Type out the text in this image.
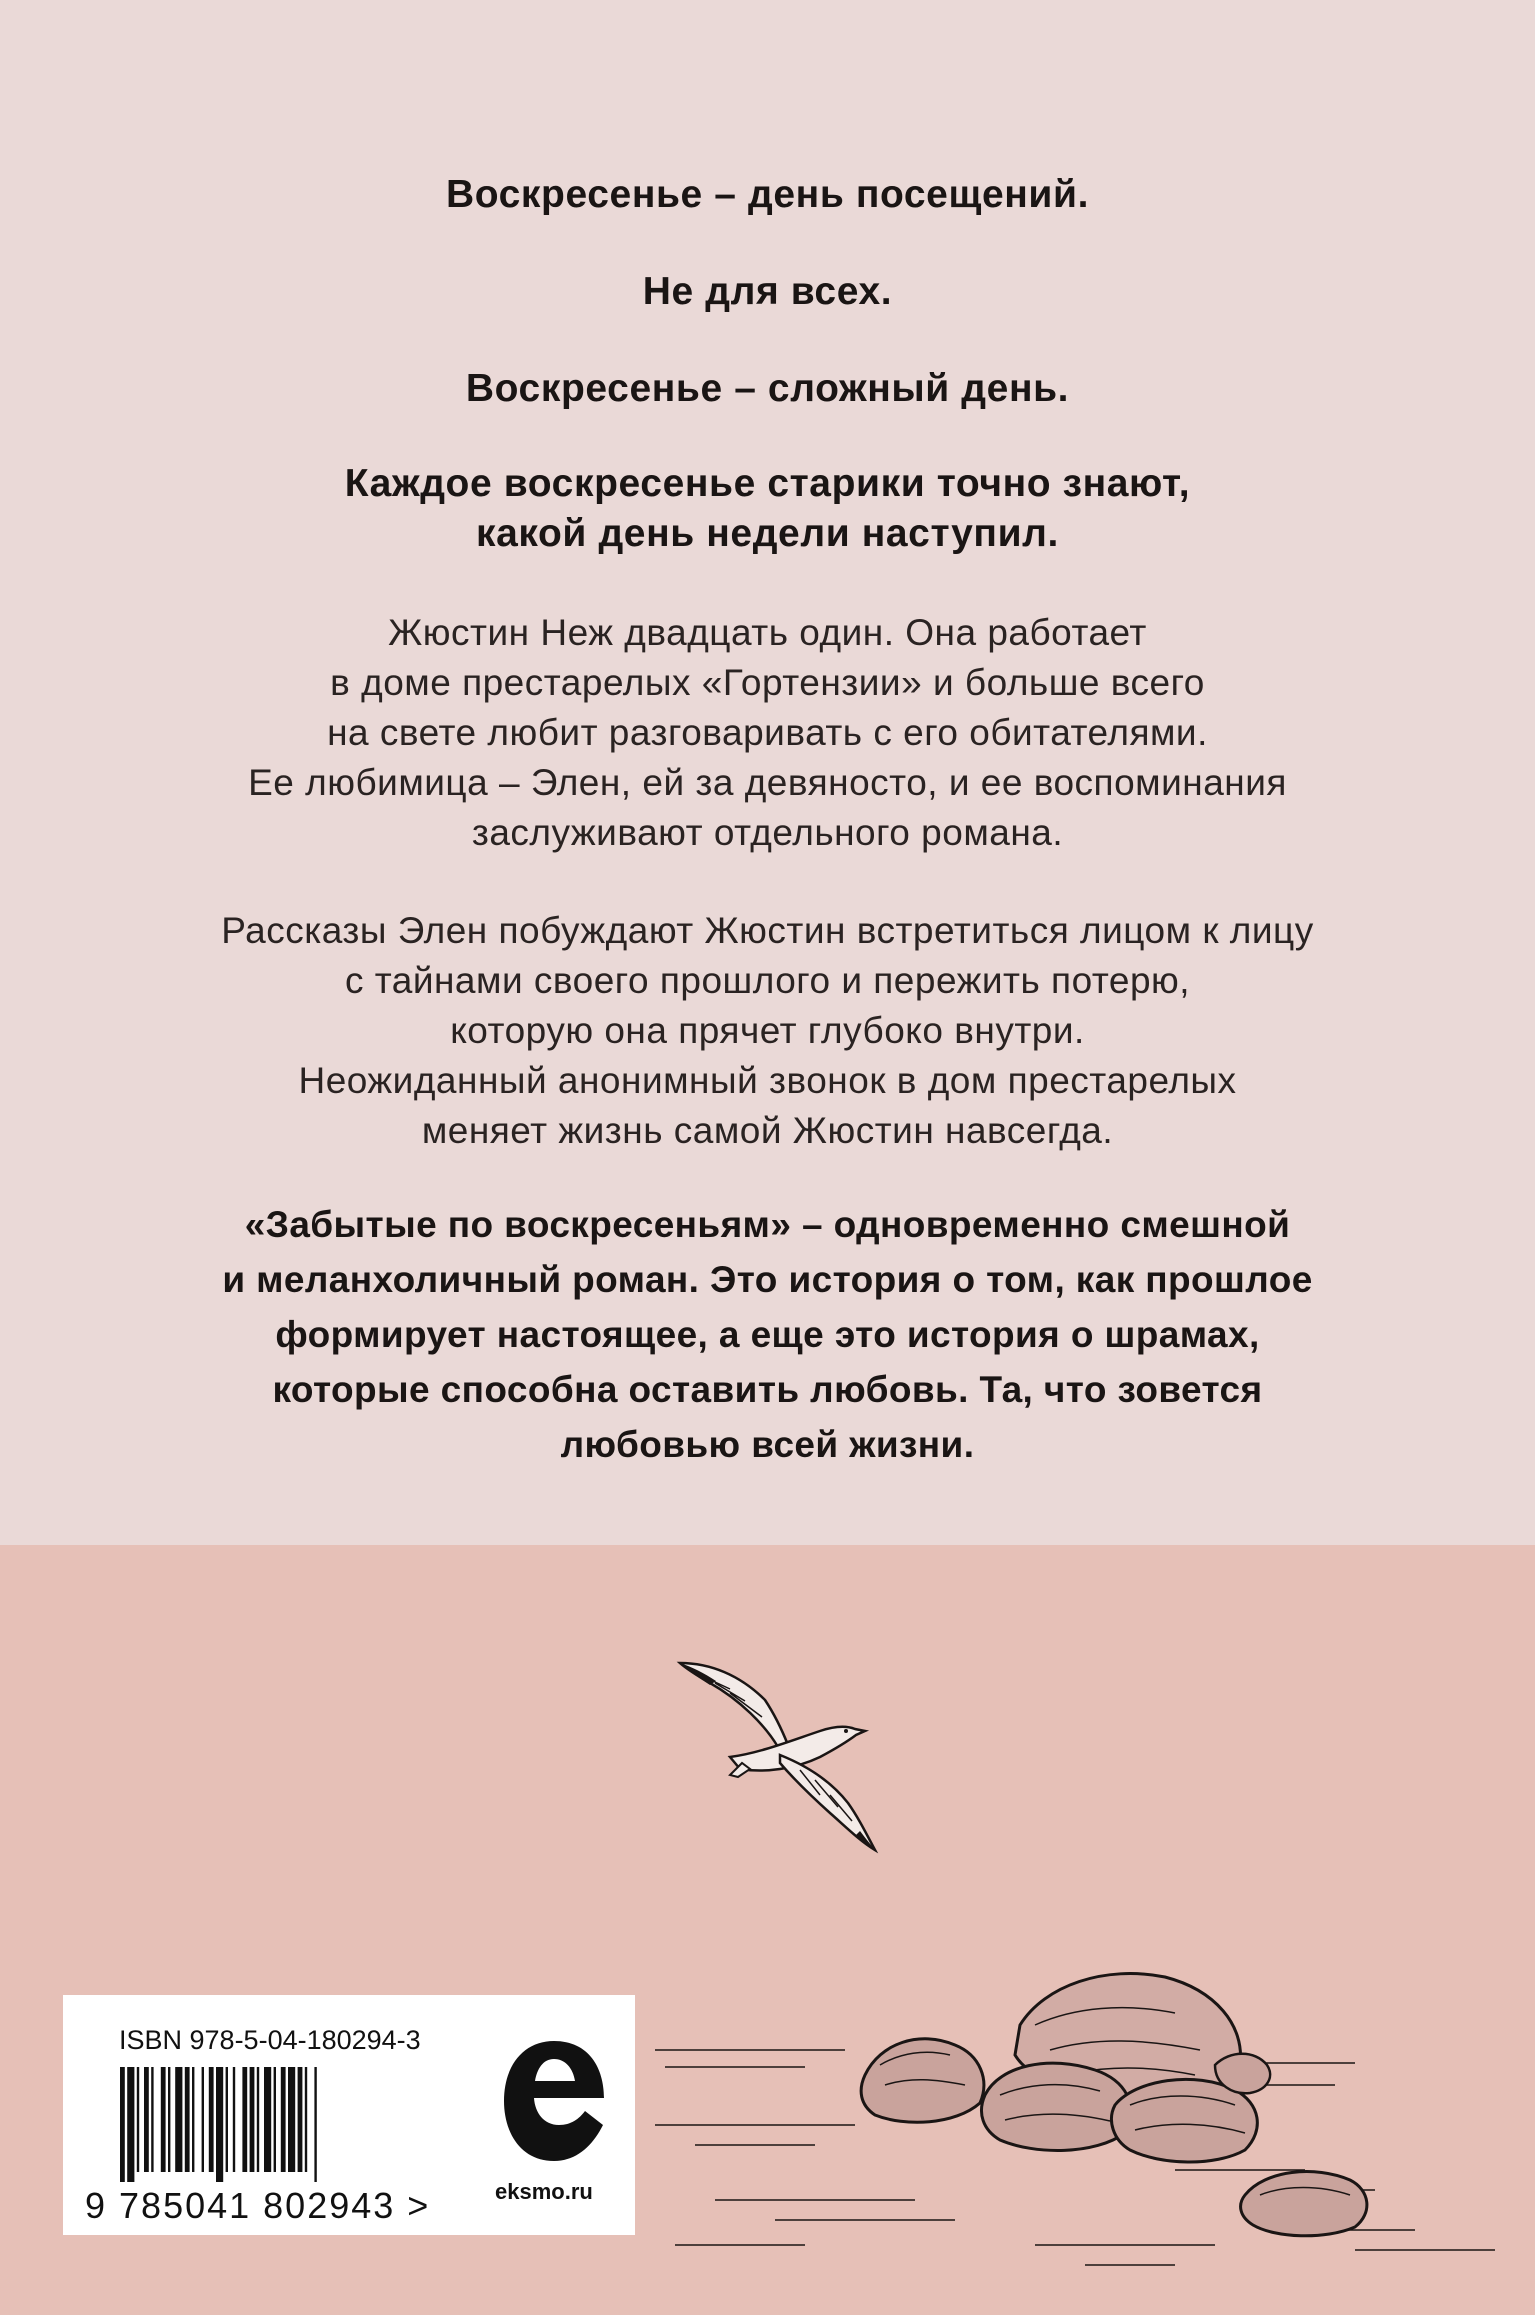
Воскресенье – день посещений.
Не для всех.
Воскресенье – сложный день.
Каждое воскресенье старики точно знают,
какой день недели наступил.
Жюстин Неж двадцать один. Она работает
в доме престарелых «Гортензии» и больше всего
на свете любит разговаривать с его обитателями.
Ее любимица – Элен, ей за девяносто, и ее воспоминания
заслуживают отдельного романа.
Рассказы Элен побуждают Жюстин встретиться лицом к лицу
с тайнами своего прошлого и пережить потерю,
которую она прячет глубоко внутри.
Неожиданный анонимный звонок в дом престарелых
меняет жизнь самой Жюстин навсегда.
«Забытые по воскресеньям» – одновременно смешной
и меланхоличный роман. Это история о том, как прошлое
формирует настоящее, а еще это история о шрамах,
которые способна оставить любовь. Та, что зовется
любовью всей жизни.
ISBN 978-5-04-180294-3
9 785041 802943 >	eksmo.ru
